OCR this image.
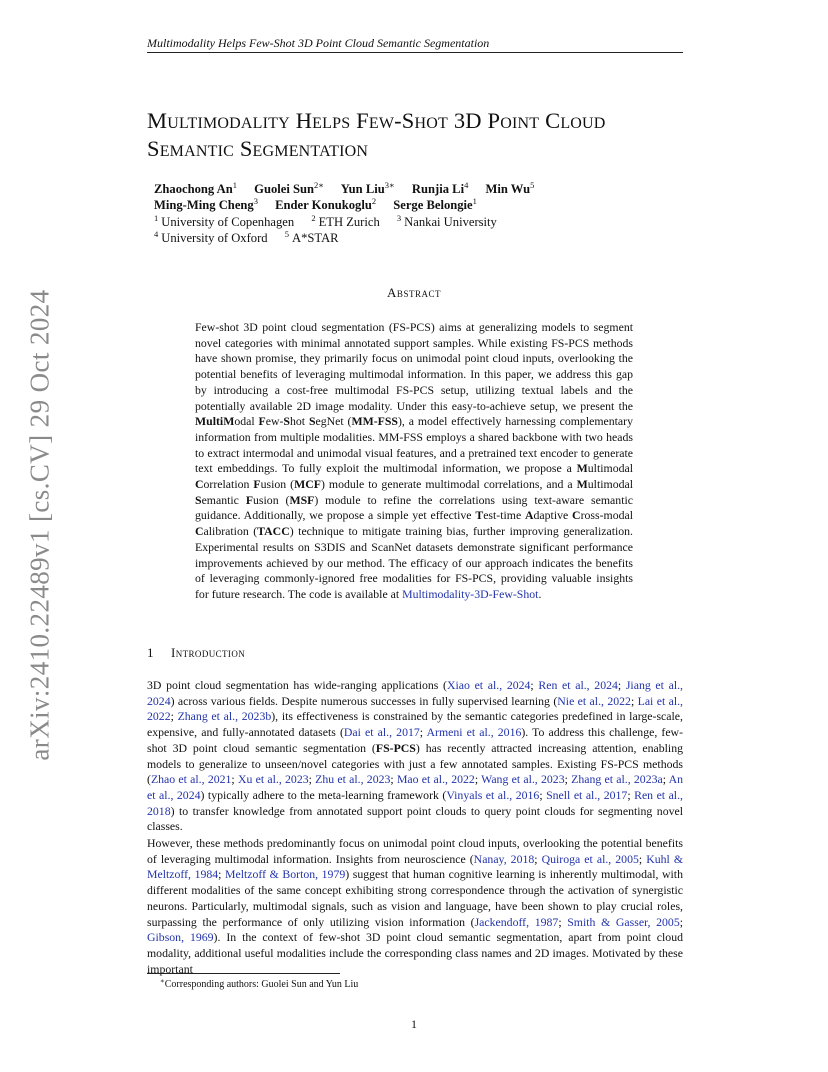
Multimodality Helps Few-Shot 3D Point Cloud Semantic Segmentation
arXiv:2410.22489v1 [cs.CV] 29 Oct 2024
Multimodality Helps Few-Shot 3D Point Cloud
Semantic Segmentation
Zhaochong An$^1$ Guolei Sun$^{2∗}$ Yun Liu$^{3∗}$ Runjia Li$^4$ Min Wu$^5$
Ming-Ming Cheng$^3$ Ender Konukoglu$^2$ Serge Belongie$^1$
$^1$ University of Copenhagen $^2$ ETH Zurich $^3$ Nankai University
$^4$ University of Oxford $^5$ A*STAR
Abstract
Few-shot 3D point cloud segmentation (FS-PCS) aims at generalizing models to segment novel categories with minimal annotated support samples. While existing FS-PCS methods have shown promise, they primarily focus on unimodal point cloud inputs, overlooking the potential benefits of leveraging multimodal information. In this paper, we address this gap by introducing a cost-free multimodal FS-PCS setup, utilizing textual labels and the potentially available 2D image modality. Under this easy-to-achieve setup, we present the MultiModal Few-Shot SegNet (MM-FSS), a model effectively harnessing complementary information from multiple modalities. MM-FSS employs a shared backbone with two heads to extract intermodal and unimodal visual features, and a pretrained text encoder to generate text embeddings. To fully exploit the multimodal information, we propose a Multimodal Correlation Fusion (MCF) module to generate multimodal correlations, and a Multimodal Semantic Fusion (MSF) module to refine the correlations using text-aware semantic guidance. Additionally, we propose a simple yet effective Test-time Adaptive Cross-modal Calibration (TACC) technique to mitigate training bias, further improving generalization. Experimental results on S3DIS and ScanNet datasets demonstrate significant performance improvements achieved by our method. The efficacy of our approach indicates the benefits of leveraging commonly-ignored free modalities for FS-PCS, providing valuable insights for future research. The code is available at Multimodality-3D-Few-Shot.
1 Introduction
3D point cloud segmentation has wide-ranging applications (Xiao et al., 2024; Ren et al., 2024; Jiang et al., 2024) across various fields. Despite numerous successes in fully supervised learning (Nie et al., 2022; Lai et al., 2022; Zhang et al., 2023b), its effectiveness is constrained by the semantic categories predefined in large-scale, expensive, and fully-annotated datasets (Dai et al., 2017; Armeni et al., 2016). To address this challenge, few-shot 3D point cloud semantic segmentation (FS-PCS) has recently attracted increasing attention, enabling models to generalize to unseen/novel categories with just a few annotated samples. Existing FS-PCS methods (Zhao et al., 2021; Xu et al., 2023; Zhu et al., 2023; Mao et al., 2022; Wang et al., 2023; Zhang et al., 2023a; An et al., 2024) typically adhere to the meta-learning framework (Vinyals et al., 2016; Snell et al., 2017; Ren et al., 2018) to transfer knowledge from annotated support point clouds to query point clouds for segmenting novel classes.
However, these methods predominantly focus on unimodal point cloud inputs, overlooking the potential benefits of leveraging multimodal information. Insights from neuroscience (Nanay, 2018; Quiroga et al., 2005; Kuhl & Meltzoff, 1984; Meltzoff & Borton, 1979) suggest that human cognitive learning is inherently multimodal, with different modalities of the same concept exhibiting strong correspondence through the activation of synergistic neurons. Particularly, multimodal signals, such as vision and language, have been shown to play crucial roles, surpassing the performance of only utilizing vision information (Jackendoff, 1987; Smith & Gasser, 2005; Gibson, 1969). In the context of few-shot 3D point cloud semantic segmentation, apart from point cloud modality, additional useful modalities include the corresponding class names and 2D images. Motivated by these important
∗Corresponding authors: Guolei Sun and Yun Liu
1
